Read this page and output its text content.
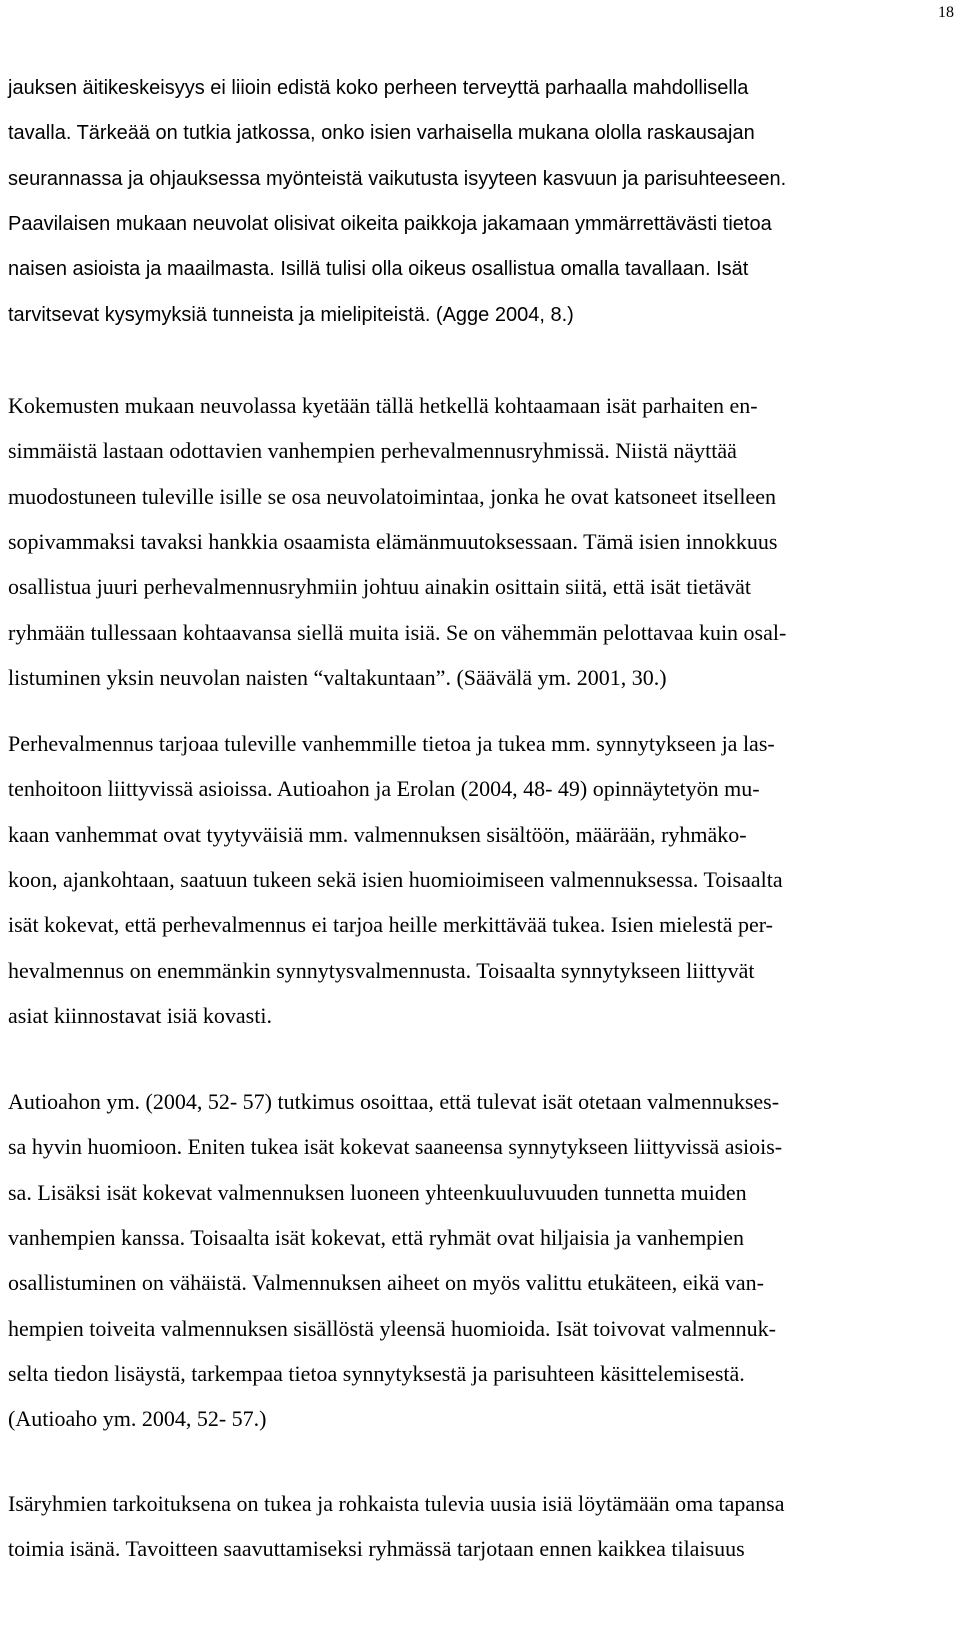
18
jauksen äitikeskeisyys ei liioin edistä koko perheen terveyttä parhaalla mahdollisella
tavalla. Tärkeää on tutkia jatkossa, onko isien varhaisella mukana ololla raskausajan
seurannassa ja ohjauksessa myönteistä vaikutusta isyyteen kasvuun ja parisuhteeseen.
Paavilaisen mukaan neuvolat olisivat oikeita paikkoja jakamaan ymmärrettävästi tietoa
naisen asioista ja maailmasta. Isillä tulisi olla oikeus osallistua omalla tavallaan. Isät
tarvitsevat kysymyksiä tunneista ja mielipiteistä. (Agge 2004, 8.)
Kokemusten mukaan neuvolassa kyetään tällä hetkellä kohtaamaan isät parhaiten en-
simmäistä lastaan odottavien vanhempien perhevalmennusryhmissä. Niistä näyttää
muodostuneen tuleville isille se osa neuvolatoimintaa, jonka he ovat katsoneet itselleen
sopivammaksi tavaksi hankkia osaamista elämänmuutoksessaan. Tämä isien innokkuus
osallistua juuri perhevalmennusryhmiin johtuu ainakin osittain siitä, että isät tietävät
ryhmään tullessaan kohtaavansa siellä muita isiä. Se on vähemmän pelottavaa kuin osal-
listuminen yksin neuvolan naisten “valtakuntaan”. (Säävälä ym. 2001, 30.)
Perhevalmennus tarjoaa tuleville vanhemmille tietoa ja tukea mm. synnytykseen ja las-
tenhoitoon liittyvissä asioissa. Autioahon ja Erolan (2004, 48- 49) opinnäytetyön mu-
kaan vanhemmat ovat tyytyväisiä mm. valmennuksen sisältöön, määrään, ryhmäko-
koon, ajankohtaan, saatuun tukeen sekä isien huomioimiseen valmennuksessa. Toisaalta
isät kokevat, että perhevalmennus ei tarjoa heille merkittävää tukea. Isien mielestä per-
hevalmennus on enemmänkin synnytysvalmennusta. Toisaalta synnytykseen liittyvät
asiat kiinnostavat isiä kovasti.
Autioahon ym. (2004, 52- 57) tutkimus osoittaa, että tulevat isät otetaan valmennukses-
sa hyvin huomioon. Eniten tukea isät kokevat saaneensa synnytykseen liittyvissä asiois-
sa. Lisäksi isät kokevat valmennuksen luoneen yhteenkuuluvuuden tunnetta muiden
vanhempien kanssa. Toisaalta isät kokevat, että ryhmät ovat hiljaisia ja vanhempien
osallistuminen on vähäistä. Valmennuksen aiheet on myös valittu etukäteen, eikä van-
hempien toiveita valmennuksen sisällöstä yleensä huomioida. Isät toivovat valmennuk-
selta tiedon lisäystä, tarkempaa tietoa synnytyksestä ja parisuhteen käsittelemisestä.
(Autioaho ym. 2004, 52- 57.)
Isäryhmien tarkoituksena on tukea ja rohkaista tulevia uusia isiä löytämään oma tapansa
toimia isänä. Tavoitteen saavuttamiseksi ryhmässä tarjotaan ennen kaikkea tilaisuus
